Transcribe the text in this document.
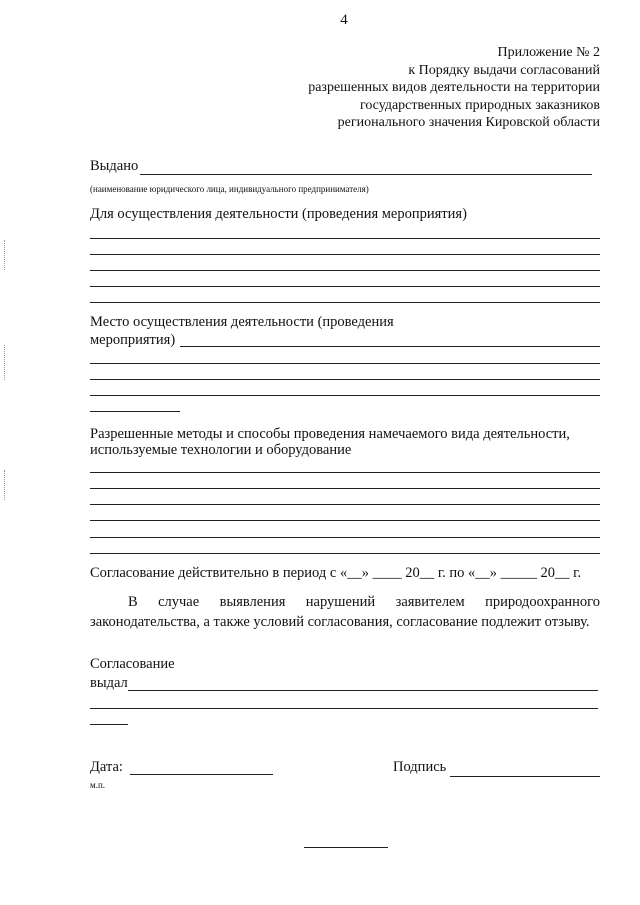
4
Приложение № 2
к Порядку выдачи согласований
разрешенных видов деятельности на территории
государственных природных заказников
регионального значения Кировской области
Выдано
(наименование юридического лица, индивидуального предпринимателя)
Для осуществления деятельности (проведения мероприятия)
Место осуществления деятельности (проведения
мероприятия)
Разрешенные методы и способы проведения намечаемого вида деятельности,
используемые технологии и оборудование
Согласование действительно в период с «__» ____ 20__ г. по «__» _____ 20__ г.
В случае выявления нарушений заявителем природоохранного законодательства, а также условий согласования, согласование подлежит отзыву.
Согласование
выдал
Дата:
м.п.
Подпись
